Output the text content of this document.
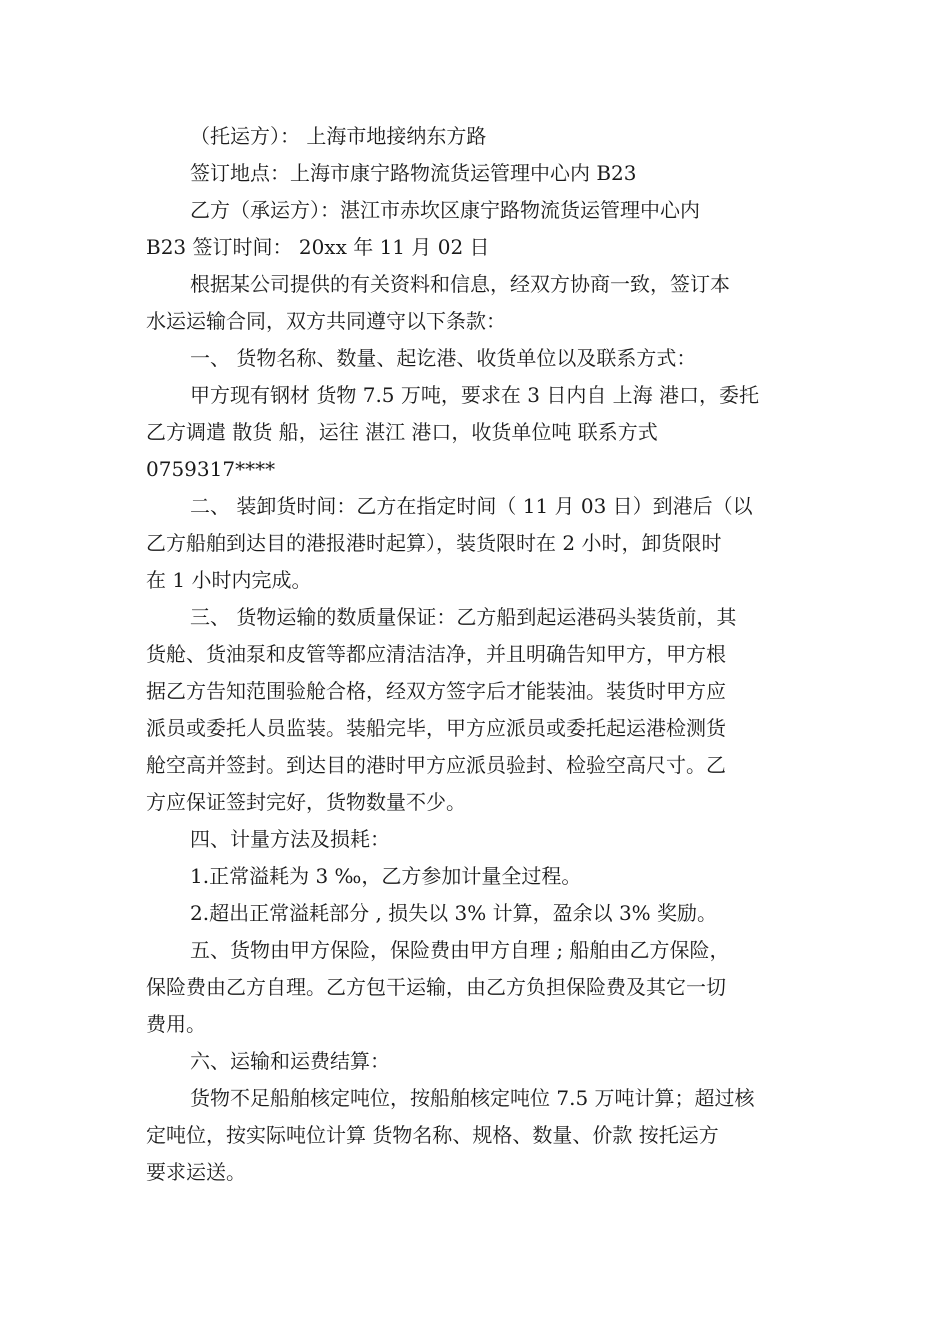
（托运方）： 上海市地接纳东方路
签订地点：上海市康宁路物流货运管理中心内 B23
乙方（承运方）：湛江市赤坎区康宁路物流货运管理中心内
B23 签订时间： 20xx 年 11 月 02 日
根据某公司提供的有关资料和信息，经双方协商一致，签订本
水运运输合同，双方共同遵守以下条款：
一、 货物名称、数量、起讫港、收货单位以及联系方式：
甲方现有钢材 货物 7.5 万吨，要求在 3 日内自 上海 港口，委托
乙方调遣 散货 船，运往 湛江 港口，收货单位吨 联系方式
0759317****
二、 装卸货时间：乙方在指定时间（ 11 月 03 日）到港后（以
乙方船舶到达目的港报港时起算），装货限时在 2 小时，卸货限时
在 1 小时内完成。
三、 货物运输的数质量保证：乙方船到起运港码头装货前，其
货舱、货油泵和皮管等都应清洁洁净，并且明确告知甲方，甲方根
据乙方告知范围验舱合格，经双方签字后才能装油。装货时甲方应
派员或委托人员监装。装船完毕，甲方应派员或委托起运港检测货
舱空高并签封。到达目的港时甲方应派员验封、检验空高尺寸。乙
方应保证签封完好，货物数量不少。
四、计量方法及损耗：
1.正常溢耗为 3 ‰，乙方参加计量全过程。
2.超出正常溢耗部分 , 损失以 3% 计算，盈余以 3% 奖励。
五、货物由甲方保险，保险费由甲方自理 ; 船舶由乙方保险，
保险费由乙方自理。乙方包干运输，由乙方负担保险费及其它一切
费用。
六、运输和运费结算：
货物不足船舶核定吨位，按船舶核定吨位 7.5 万吨计算；超过核
定吨位，按实际吨位计算 货物名称、规格、数量、价款 按托运方
要求运送。
